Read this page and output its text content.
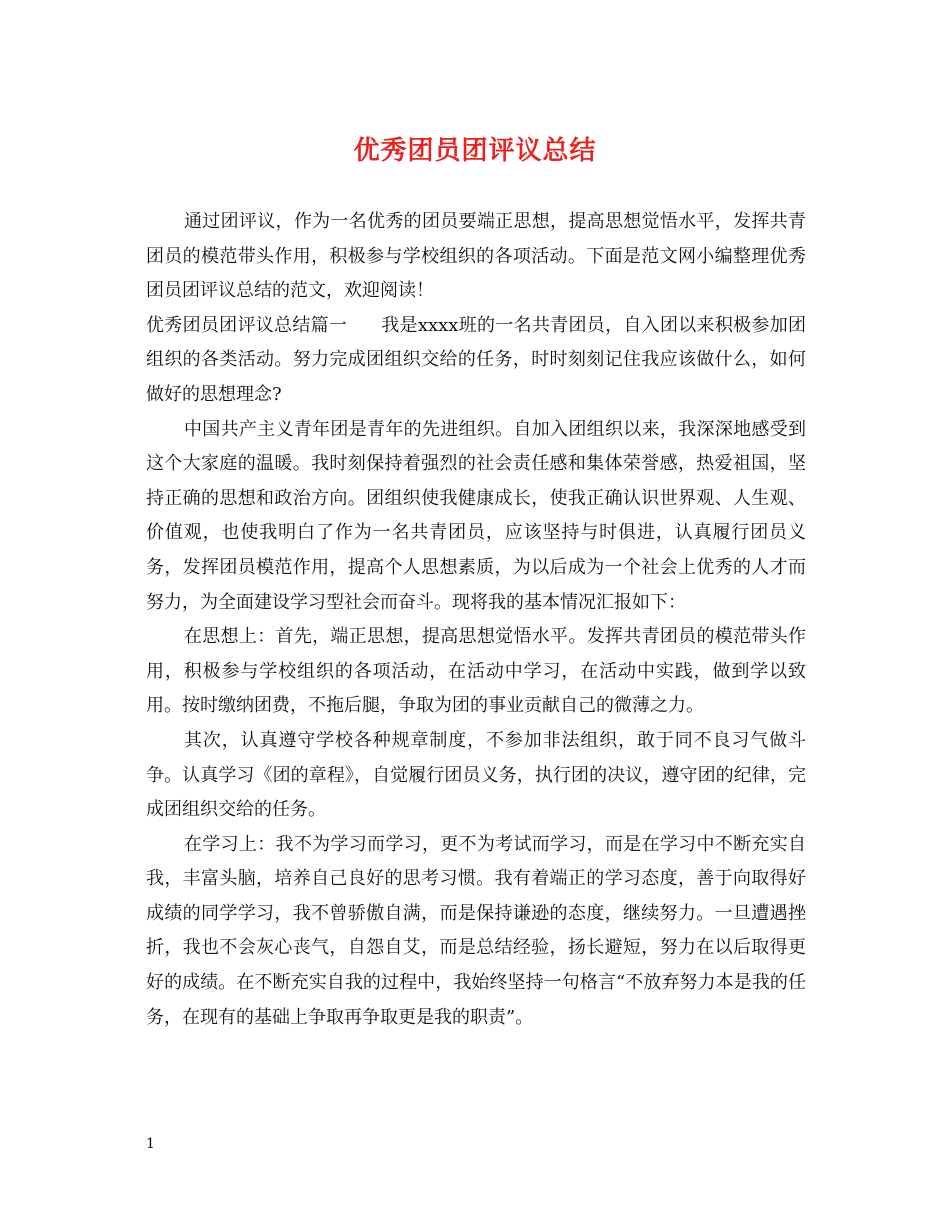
优秀团员团评议总结

通过团评议，作为一名优秀的团员要端正思想，提高思想觉悟水平，发挥共青团员的模范带头作用，积极参与学校组织的各项活动。下面是范文网小编整理优秀团员团评议总结的范文，欢迎阅读！

优秀团员团评议总结篇一 我是xxxx班的一名共青团员，自入团以来积极参加团组织的各类活动。努力完成团组织交给的任务，时时刻刻记住我应该做什么，如何做好的思想理念?

中国共产主义青年团是青年的先进组织。自加入团组织以来，我深深地感受到这个大家庭的温暖。我时刻保持着强烈的社会责任感和集体荣誉感，热爱祖国，坚持正确的思想和政治方向。团组织使我健康成长，使我正确认识世界观、人生观、价值观，也使我明白了作为一名共青团员，应该坚持与时俱进，认真履行团员义务，发挥团员模范作用，提高个人思想素质，为以后成为一个社会上优秀的人才而努力，为全面建设学习型社会而奋斗。现将我的基本情况汇报如下：

在思想上：首先，端正思想，提高思想觉悟水平。发挥共青团员的模范带头作用，积极参与学校组织的各项活动，在活动中学习，在活动中实践，做到学以致用。按时缴纳团费，不拖后腿，争取为团的事业贡献自己的微薄之力。

其次，认真遵守学校各种规章制度，不参加非法组织，敢于同不良习气做斗争。认真学习《团的章程》，自觉履行团员义务，执行团的决议，遵守团的纪律，完成团组织交给的任务。

在学习上：我不为学习而学习，更不为考试而学习，而是在学习中不断充实自我，丰富头脑，培养自己良好的思考习惯。我有着端正的学习态度，善于向取得好成绩的同学学习，我不曾骄傲自满，而是保持谦逊的态度，继续努力。一旦遭遇挫折，我也不会灰心丧气，自怨自艾，而是总结经验，扬长避短，努力在以后取得更好的成绩。在不断充实自我的过程中，我始终坚持一句格言“不放弃努力本是我的任务，在现有的基础上争取再争取更是我的职责”。

1
